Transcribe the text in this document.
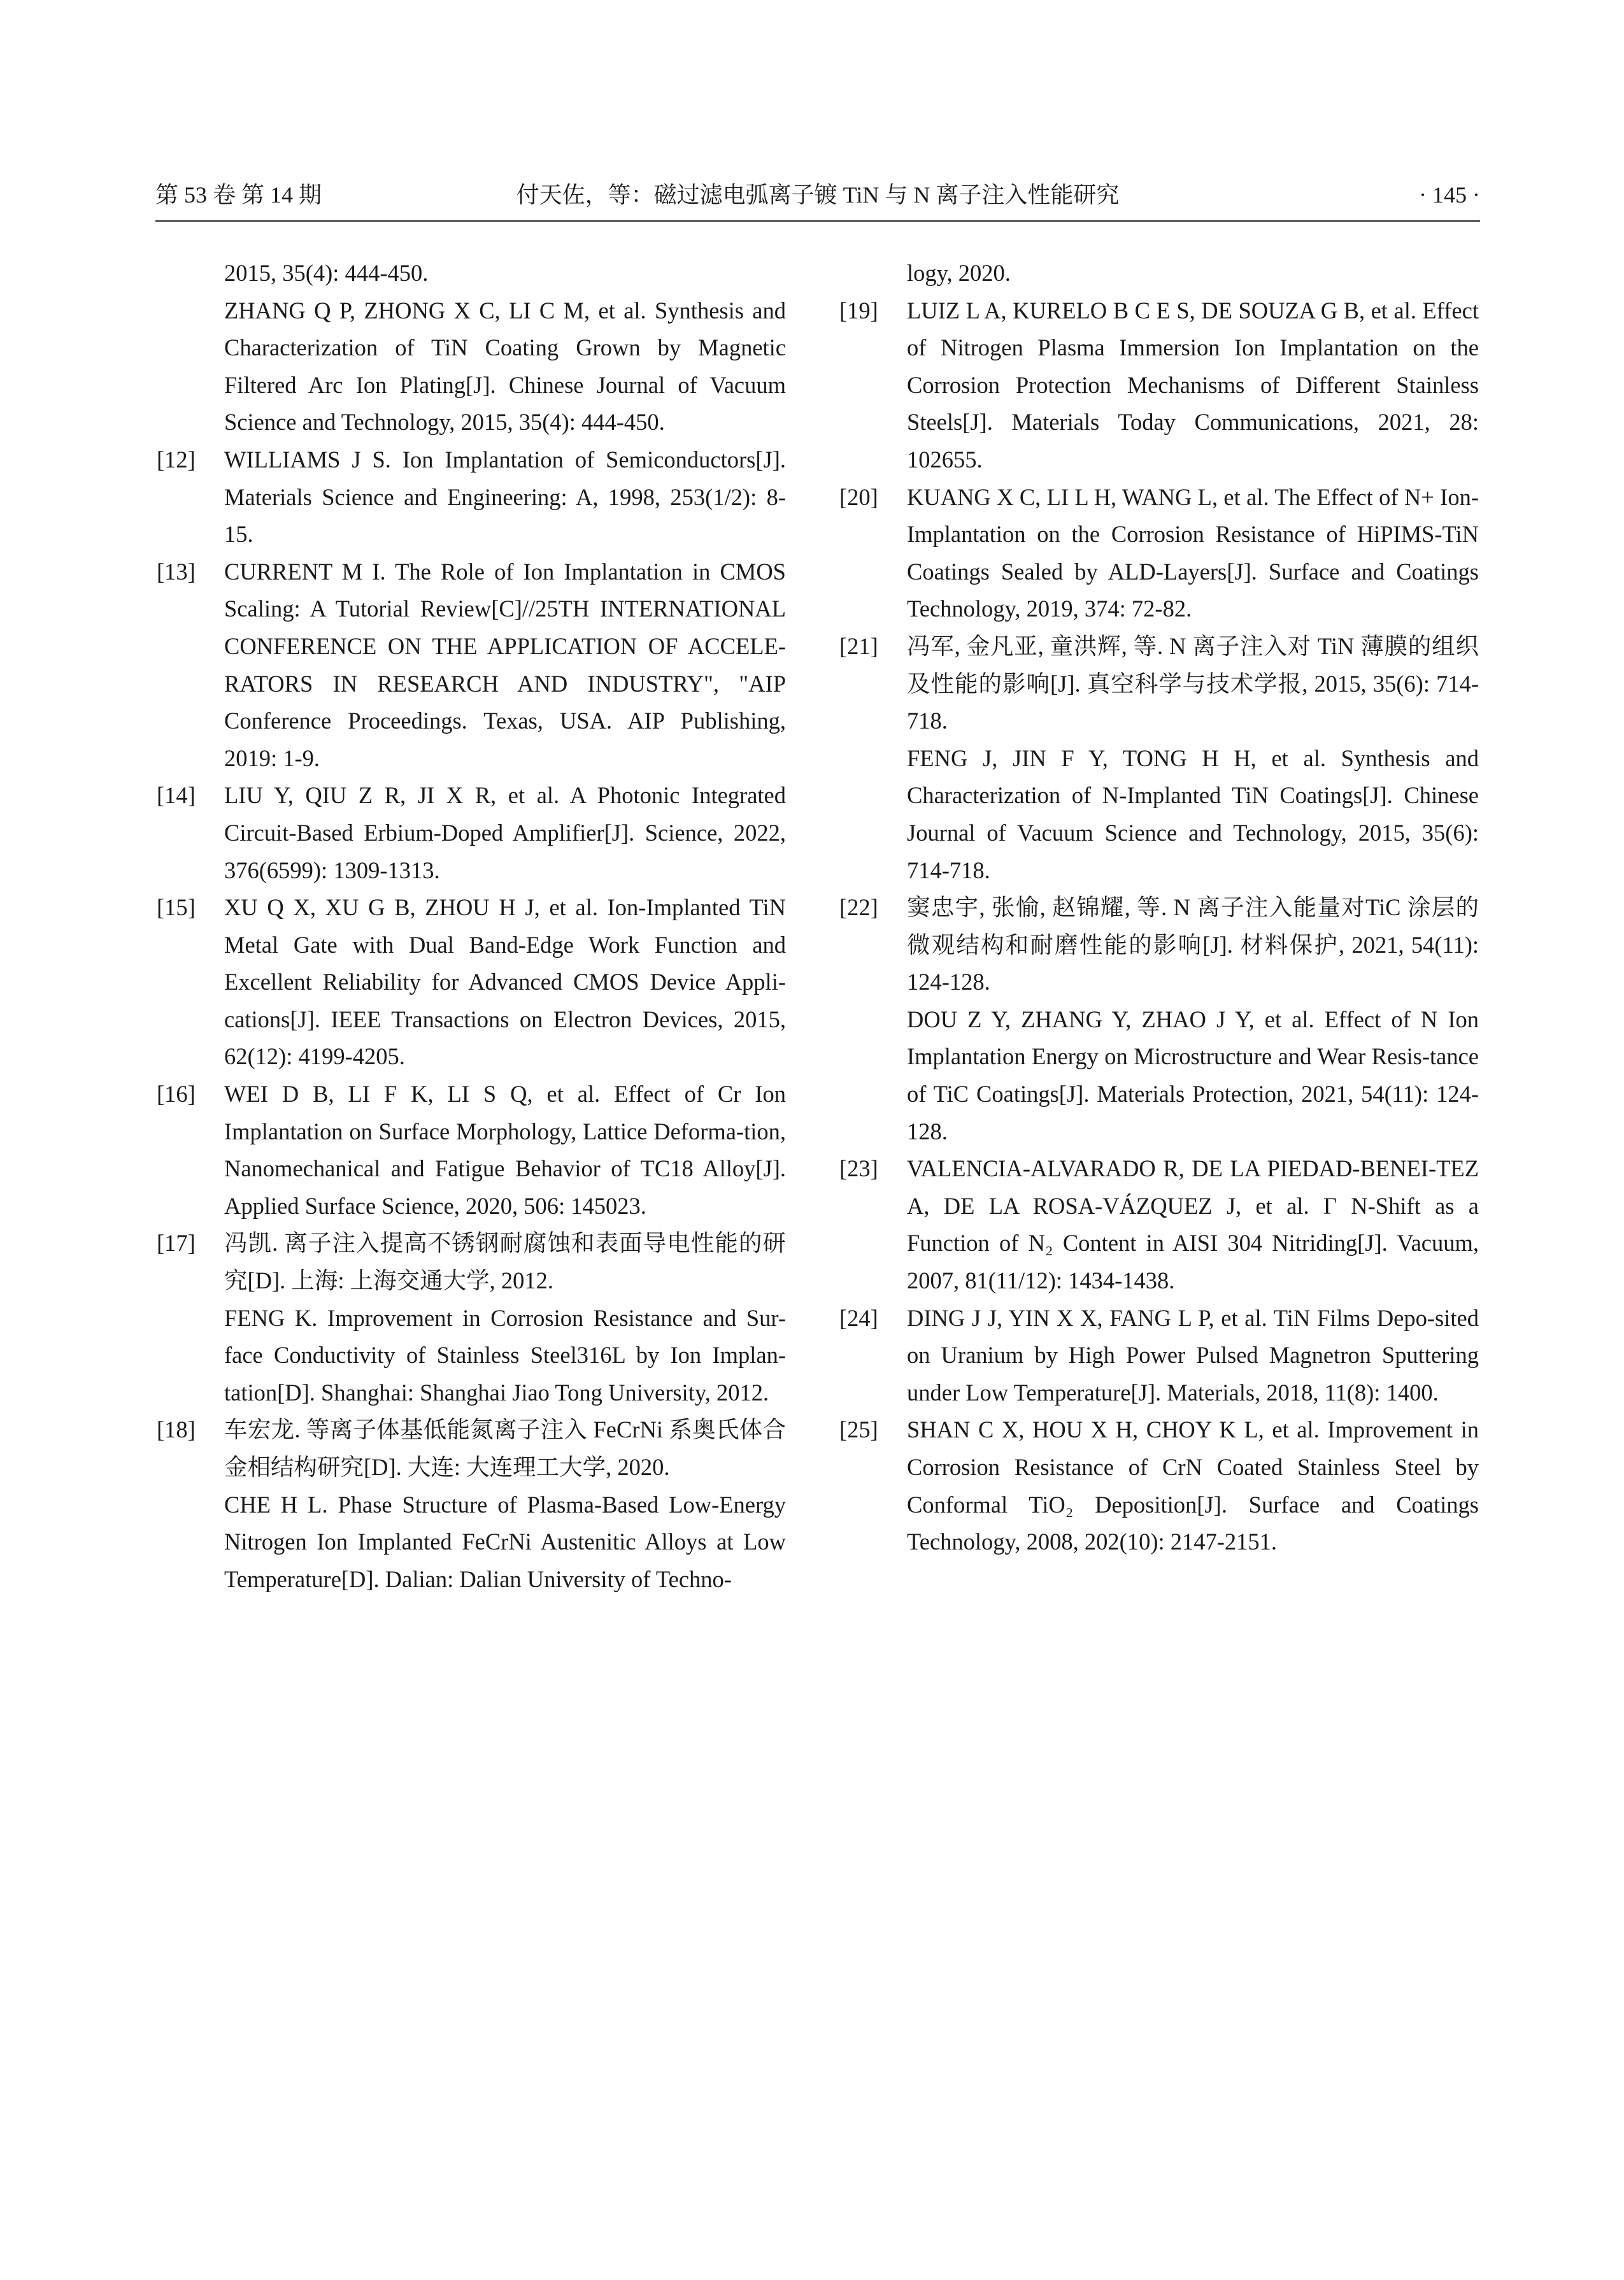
第 53 卷 第 14 期	付天佐，等：磁过滤电弧离子镀 TiN 与 N 离子注入性能研究	· 145 ·
2015, 35(4): 444-450.
ZHANG Q P, ZHONG X C, LI C M, et al. Synthesis and Characterization of TiN Coating Grown by Magnetic Filtered Arc Ion Plating[J]. Chinese Journal of Vacuum Science and Technology, 2015, 35(4): 444-450.
[12] WILLIAMS J S. Ion Implantation of Semiconductors[J]. Materials Science and Engineering: A, 1998, 253(1/2): 8-15.
[13] CURRENT M I. The Role of Ion Implantation in CMOS Scaling: A Tutorial Review[C]//25TH INTERNATIONAL CONFERENCE ON THE APPLICATION OF ACCELE-RATORS IN RESEARCH AND INDUSTRY", "AIP Conference Proceedings. Texas, USA. AIP Publishing, 2019: 1-9.
[14] LIU Y, QIU Z R, JI X R, et al. A Photonic Integrated Circuit-Based Erbium-Doped Amplifier[J]. Science, 2022, 376(6599): 1309-1313.
[15] XU Q X, XU G B, ZHOU H J, et al. Ion-Implanted TiN Metal Gate with Dual Band-Edge Work Function and Excellent Reliability for Advanced CMOS Device Appli-cations[J]. IEEE Transactions on Electron Devices, 2015, 62(12): 4199-4205.
[16] WEI D B, LI F K, LI S Q, et al. Effect of Cr Ion Implantation on Surface Morphology, Lattice Deforma-tion, Nanomechanical and Fatigue Behavior of TC18 Alloy[J]. Applied Surface Science, 2020, 506: 145023.
[17] 冯凯. 离子注入提高不锈钢耐腐蚀和表面导电性能的研究[D]. 上海: 上海交通大学, 2012.
FENG K. Improvement in Corrosion Resistance and Sur-face Conductivity of Stainless Steel316L by Ion Implan-tation[D]. Shanghai: Shanghai Jiao Tong University, 2012.
[18] 车宏龙. 等离子体基低能氮离子注入 FeCrNi 系奥氏体合金相结构研究[D]. 大连: 大连理工大学, 2020.
CHE H L. Phase Structure of Plasma-Based Low-Energy Nitrogen Ion Implanted FeCrNi Austenitic Alloys at Low Temperature[D]. Dalian: Dalian University of Techno-
logy, 2020.
[19] LUIZ L A, KURELO B C E S, DE SOUZA G B, et al. Effect of Nitrogen Plasma Immersion Ion Implantation on the Corrosion Protection Mechanisms of Different Stainless Steels[J]. Materials Today Communications, 2021, 28: 102655.
[20] KUANG X C, LI L H, WANG L, et al. The Effect of N+ Ion-Implantation on the Corrosion Resistance of HiPIMS-TiN Coatings Sealed by ALD-Layers[J]. Surface and Coatings Technology, 2019, 374: 72-82.
[21] 冯军, 金凡亚, 童洪辉, 等. N 离子注入对 TiN 薄膜的组织及性能的影响[J]. 真空科学与技术学报, 2015, 35(6): 714-718.
FENG J, JIN F Y, TONG H H, et al. Synthesis and Characterization of N-Implanted TiN Coatings[J]. Chinese Journal of Vacuum Science and Technology, 2015, 35(6): 714-718.
[22] 窦忠宇, 张愉, 赵锦耀, 等. N 离子注入能量对TiC 涂层的微观结构和耐磨性能的影响[J]. 材料保护, 2021, 54(11): 124-128.
DOU Z Y, ZHANG Y, ZHAO J Y, et al. Effect of N Ion Implantation Energy on Microstructure and Wear Resis-tance of TiC Coatings[J]. Materials Protection, 2021, 54(11): 124-128.
[23] VALENCIA-ALVARADO R, DE LA PIEDAD-BENEI-TEZ A, DE LA ROSA-VÁZQUEZ J, et al. Γ N-Shift as a Function of N₂ Content in AISI 304 Nitriding[J]. Vacuum, 2007, 81(11/12): 1434-1438.
[24] DING J J, YIN X X, FANG L P, et al. TiN Films Depo-sited on Uranium by High Power Pulsed Magnetron Sputtering under Low Temperature[J]. Materials, 2018, 11(8): 1400.
[25] SHAN C X, HOU X H, CHOY K L, et al. Improvement in Corrosion Resistance of CrN Coated Stainless Steel by Conformal TiO₂ Deposition[J]. Surface and Coatings Technology, 2008, 202(10): 2147-2151.
